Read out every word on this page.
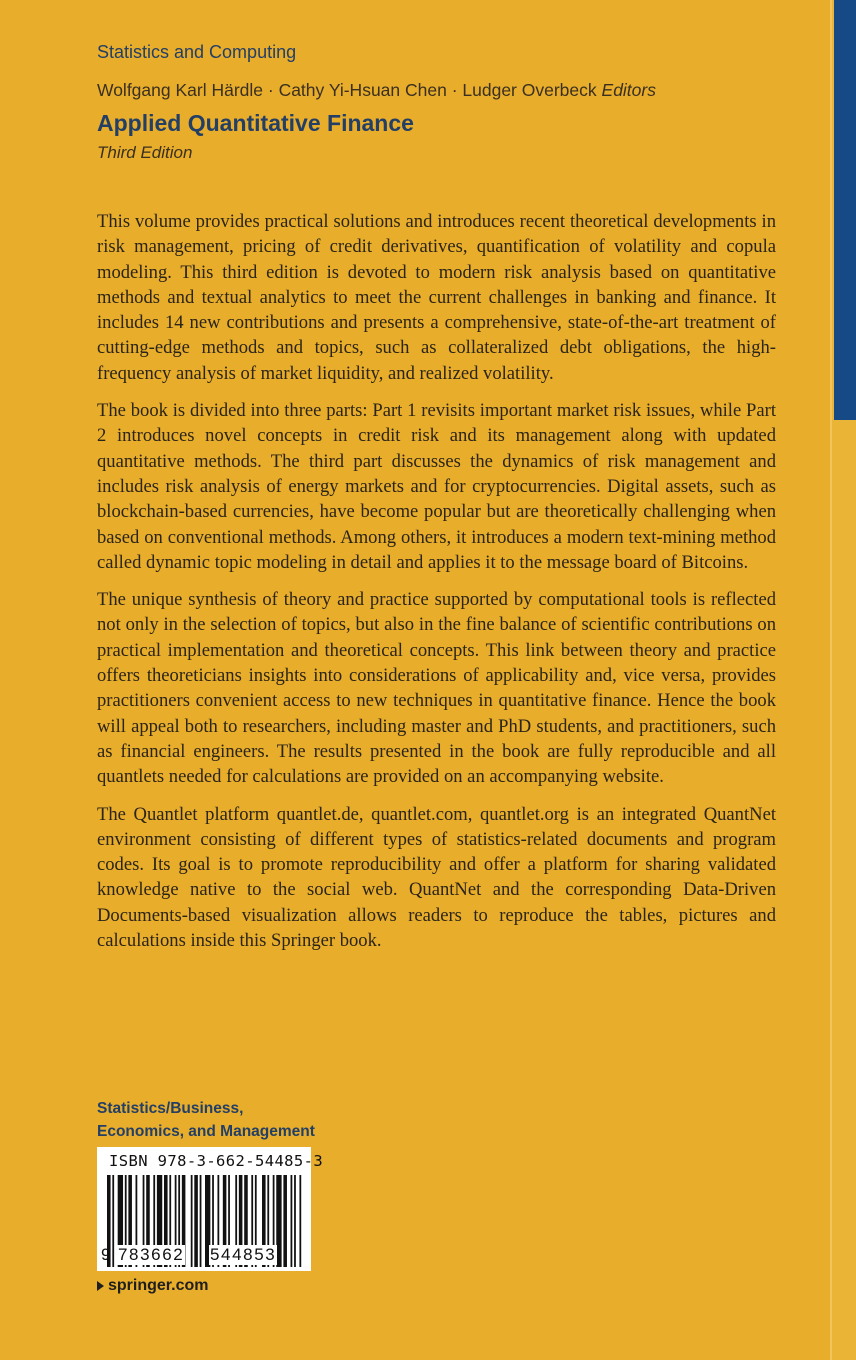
Statistics and Computing
Wolfgang Karl Härdle · Cathy Yi-Hsuan Chen · Ludger Overbeck Editors
Applied Quantitative Finance
Third Edition

This volume provides practical solutions and introduces recent theoretical developments in risk management, pricing of credit derivatives, quantification of volatility and copula modeling. This third edition is devoted to modern risk analysis based on quantitative methods and textual analytics to meet the current challenges in banking and finance. It includes 14 new contributions and presents a comprehensive, state-of-the-art treatment of cutting-edge methods and topics, such as collateralized debt obligations, the high-frequency analysis of market liquidity, and realized volatility.

The book is divided into three parts: Part 1 revisits important market risk issues, while Part 2 introduces novel concepts in credit risk and its management along with updated quantitative methods. The third part discusses the dynamics of risk management and includes risk analysis of energy markets and for cryptocurrencies. Digital assets, such as blockchain-based currencies, have become popular but are theoretically challenging when based on conventional methods. Among others, it introduces a modern text-mining method called dynamic topic modeling in detail and applies it to the message board of Bitcoins.

The unique synthesis of theory and practice supported by computational tools is reflected not only in the selection of topics, but also in the fine balance of scientific contributions on practical implementation and theoretical concepts. This link between theory and practice offers theoreticians insights into considerations of applicability and, vice versa, provides practitioners convenient access to new techniques in quantitative finance. Hence the book will appeal both to researchers, including master and PhD students, and practitioners, such as financial engineers. The results presented in the book are fully reproducible and all quantlets needed for calculations are provided on an accompanying website.

The Quantlet platform quantlet.de, quantlet.com, quantlet.org is an integrated QuantNet environment consisting of different types of statistics-related documents and program codes. Its goal is to promote reproducibility and offer a platform for sharing validated knowledge native to the social web. QuantNet and the corresponding Data-Driven Documents-based visualization allows readers to reproduce the tables, pictures and calculations inside this Springer book.

Statistics/Business,
Economics, and Management
ISBN 978-3-662-54485-3
9 783662 544853
springer.com
